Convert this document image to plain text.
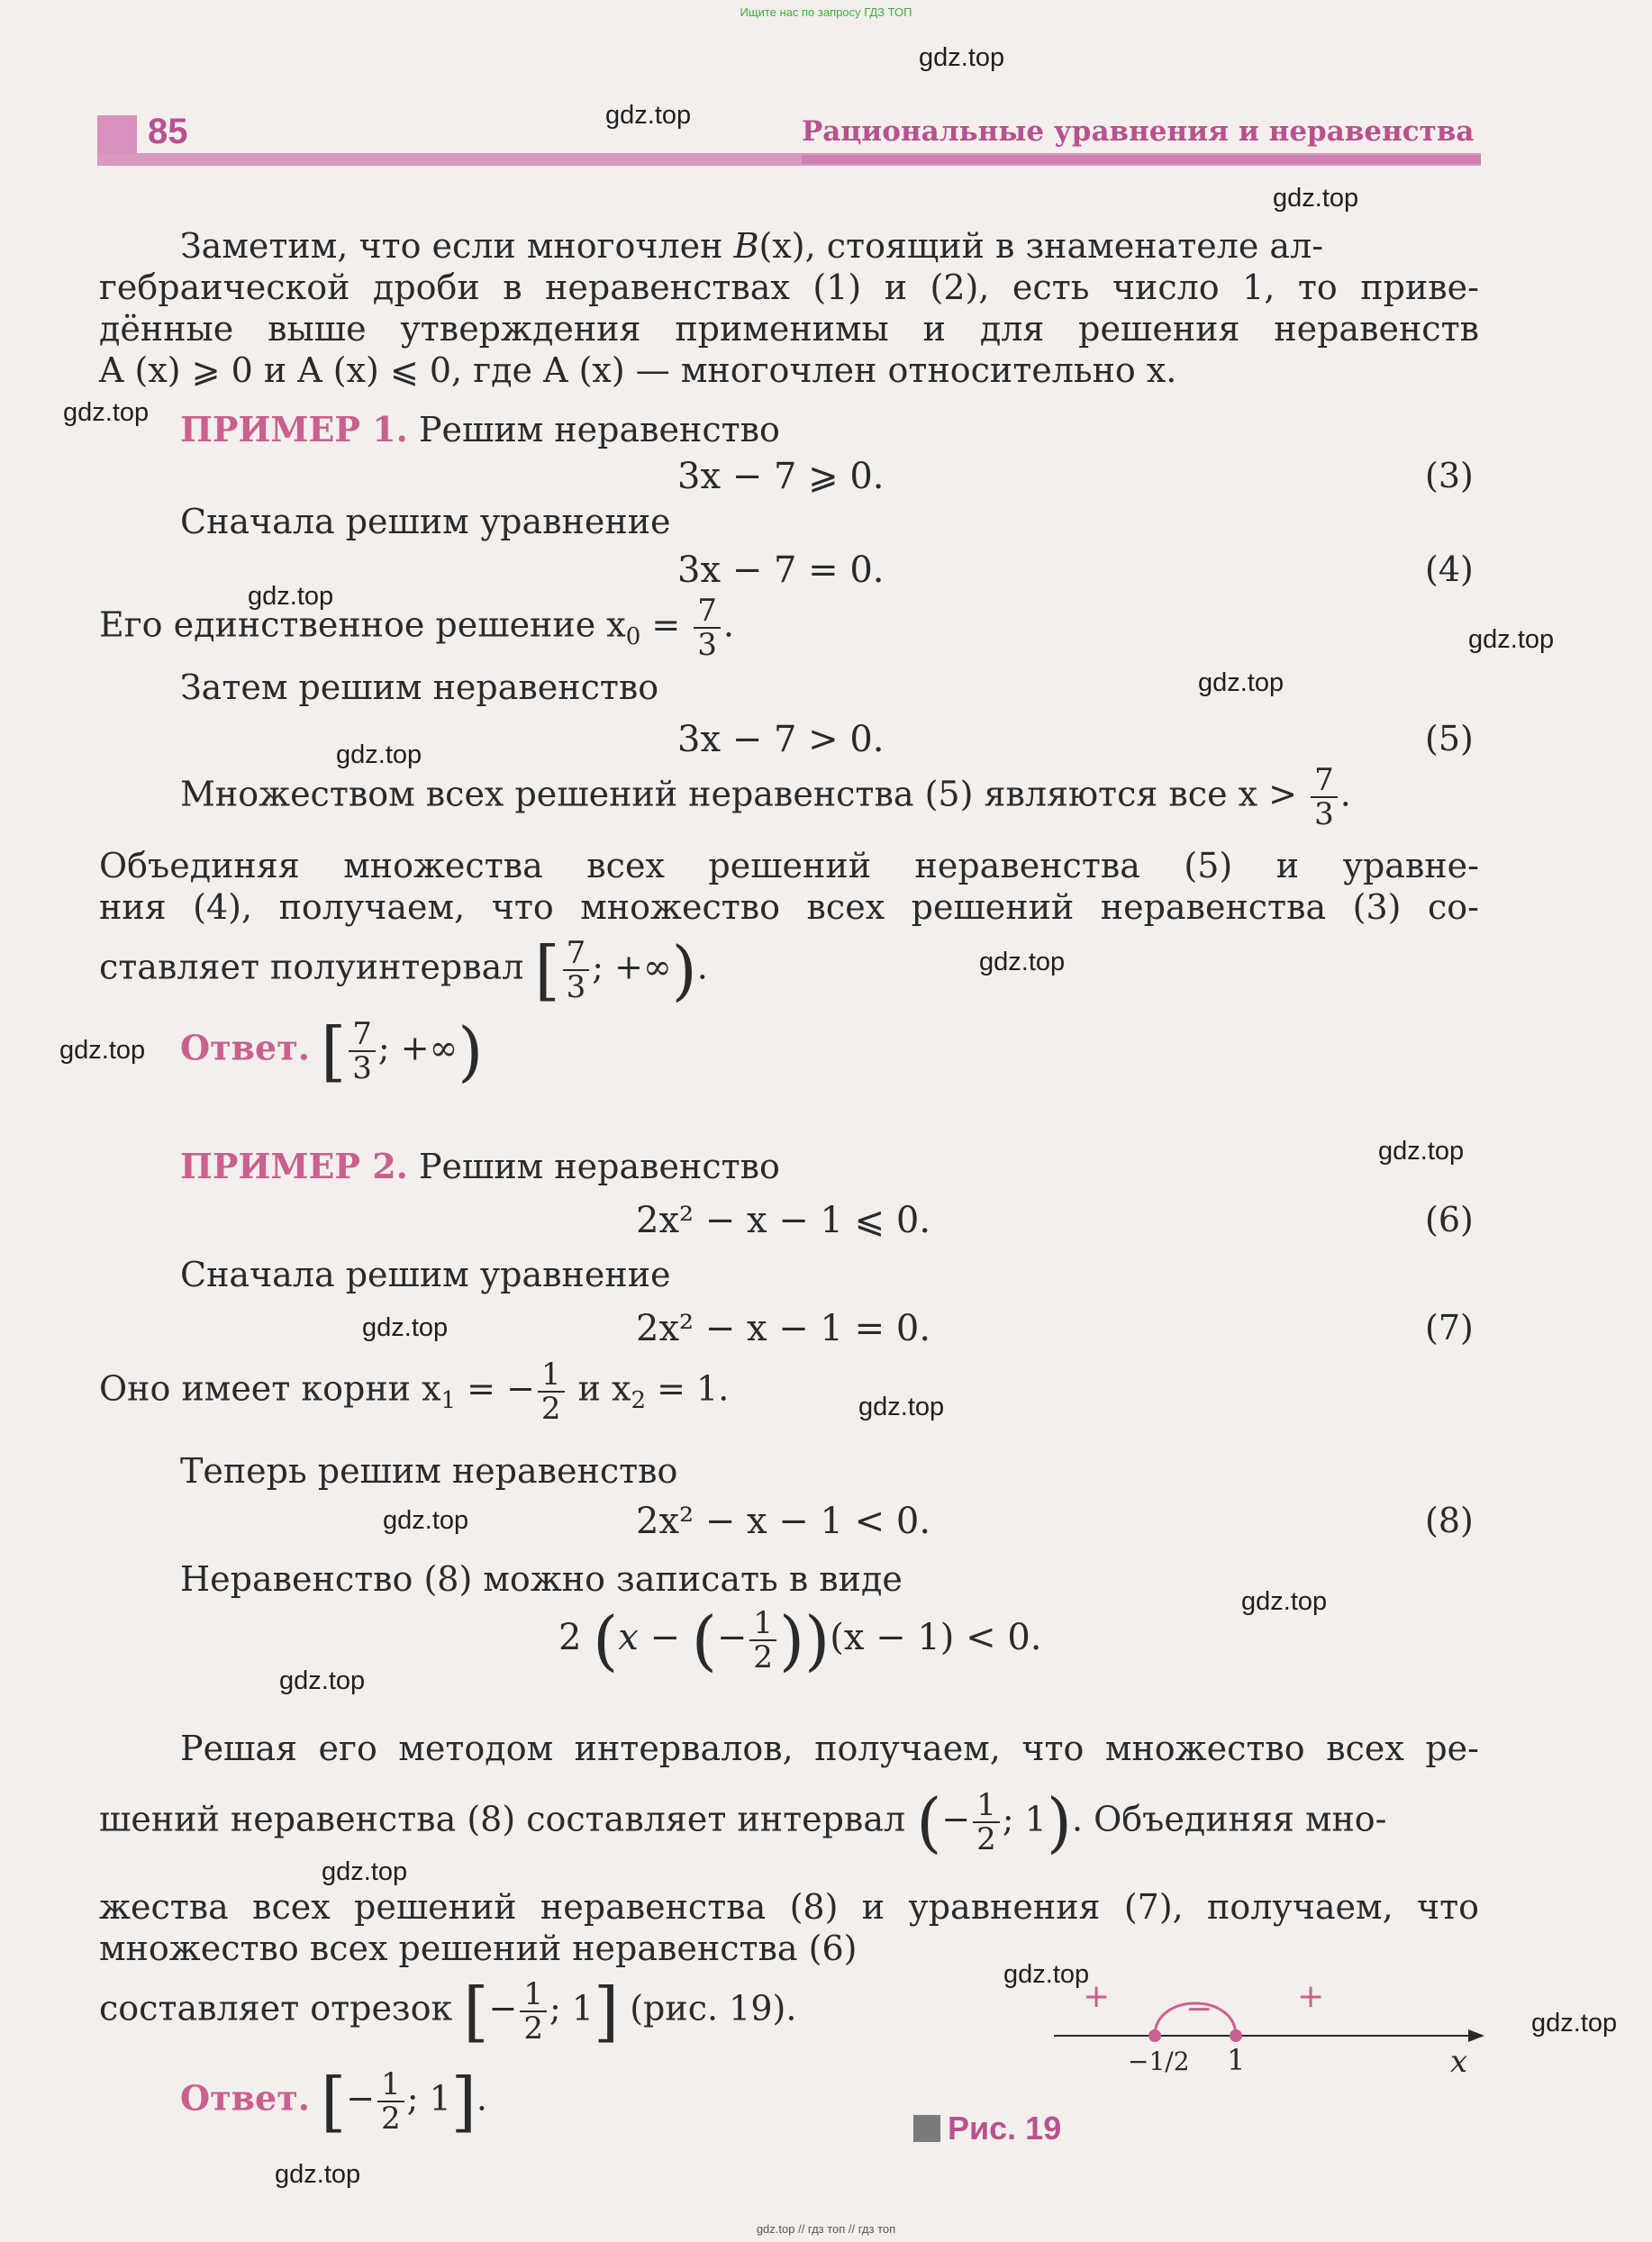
Ищите нас по запросу ГДЗ ТОП
gdz.top
gdz.top
gdz.top
gdz.top
gdz.top
gdz.top
gdz.top
gdz.top
gdz.top
gdz.top
gdz.top
gdz.top
gdz.top
gdz.top
gdz.top
gdz.top
gdz.top
gdz.top
gdz.top
gdz.top
85	Рациональные уравнения и неравенства
Заметим, что если многочлен B(x), стоящий в знаменателе ал-
гебраической дроби в неравенствах (1) и (2), есть число 1, то приве-
дённые выше утверждения применимы и для решения неравенств
A (x) ⩾ 0 и A (x) ⩽ 0, где A (x) — многочлен относительно x.
ПРИМЕР 1. Решим неравенство
3x − 7 ⩾ 0.	(3)
Сначала решим уравнение
3x − 7 = 0.	(4)
Его единственное решение $x_0 = \frac{7}{3}$ .
Затем решим неравенство
3x − 7 > 0.	(5)
Множеством всех решений неравенства (5) являются все $x > \frac{7}{3}$ .
Объединяя множества всех решений неравенства (5) и уравне-
ния (4), получаем, что множество всех решений неравенства (3) со-
ставляет полуинтервал [ $\frac{7}{3}$ ; +∞).
Ответ. [ $\frac{7}{3}$ ; +∞)
ПРИМЕР 2. Решим неравенство
2x² − x − 1 ⩽ 0.	(6)
Сначала решим уравнение
2x² − x − 1 = 0.	(7)
Оно имеет корни $x_1$ = − $\frac{1}{2}$ и $x_2 = 1$.
Теперь решим неравенство
2x² − x − 1 < 0.	(8)
Неравенство (8) можно записать в виде
2 (x − (− $\frac{1}{2} ))(x - 1) < 0$.
Решая его методом интервалов, получаем, что множество всех ре-
шений неравенства (8) составляет интервал (− $\frac{1}{2}$ ; 1). Объединяя мно-
жества всех решений неравенства (8) и уравнения (7), получаем, что
множество всех решений неравенства (6)
составляет отрезок [− $\frac{1}{2}$ ; 1] (рис. 19).
Ответ. [− $\frac{1}{2}$ ; 1].
+ −	+
−1/2 1	x
Рис. 19
gdz.top // гдз топ // гдз топ
